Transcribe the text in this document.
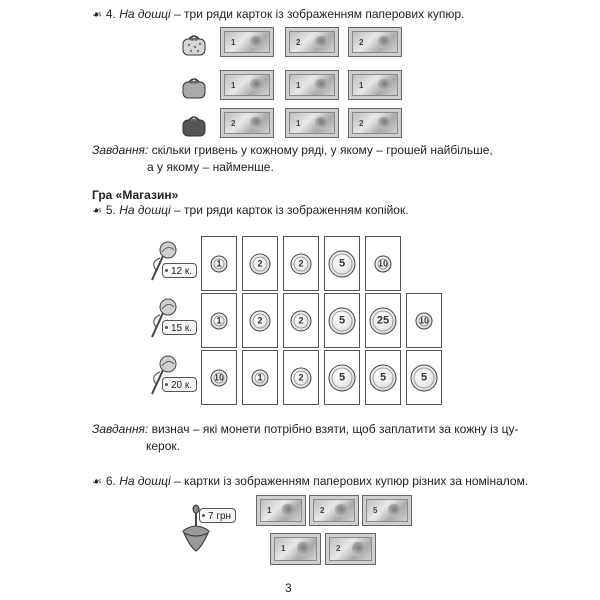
☙ 4. На дошці – три ряди карток із зображенням паперових купюр.
1	2	2
1	1	1
2	1	2
Завдання: скільки гривень у кожному ряді, у якому – грошей найбільше,
а у якому – найменше.
Гра «Магазин»
☙ 5. На дошці – три ряди карток із зображенням копійок.
12 к.
1	2	2	5	10
15 к.
1	2	2	5	25	10
20 к.
10	1	2	5	5	5
Завдання: визнач – які монети потрібно взяти, щоб заплатити за кожну із цу-
керок.
☙ 6. На дошці – картки із зображенням паперових купюр різних за номіналом.
7 грн
1	2	5
1	2
3
